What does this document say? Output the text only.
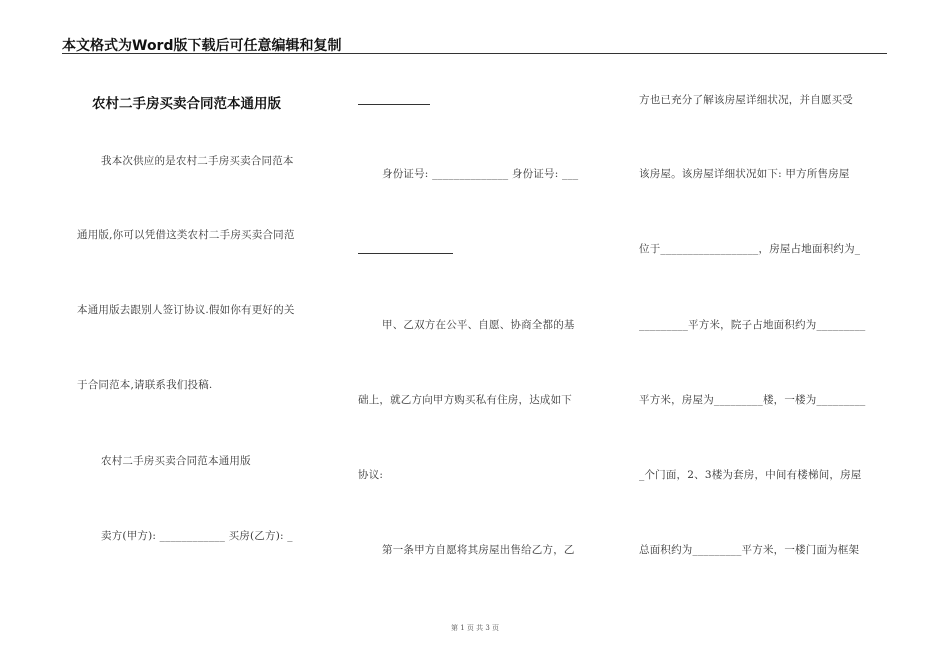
本文格式为Word版下载后可任意编辑和复制
农村二手房买卖合同范本通用版
我本次供应的是农村二手房买卖合同范本
通用版,你可以凭借这类农村二手房买卖合同范
本通用版去跟别人签订协议.假如你有更好的关
于合同范本,请联系我们投稿.
农村二手房买卖合同范本通用版
卖方(甲方): ____________ 买房(乙方): _
身份证号: ______________ 身份证号: ___
甲、乙双方在公平、自愿、协商全都的基
础上，就乙方向甲方购买私有住房，达成如下
协议:
第一条甲方自愿将其房屋出售给乙方，乙
方也已充分了解该房屋详细状况，并自愿买受
该房屋。该房屋详细状况如下: 甲方所售房屋
位于__________________，房屋占地面积约为_
_________平方米，院子占地面积约为_________
平方米，房屋为_________楼，一楼为_________
_个门面，2、3楼为套房，中间有楼梯间，房屋
总面积约为_________平方米，一楼门面为框架
第 1 页 共 3 页
